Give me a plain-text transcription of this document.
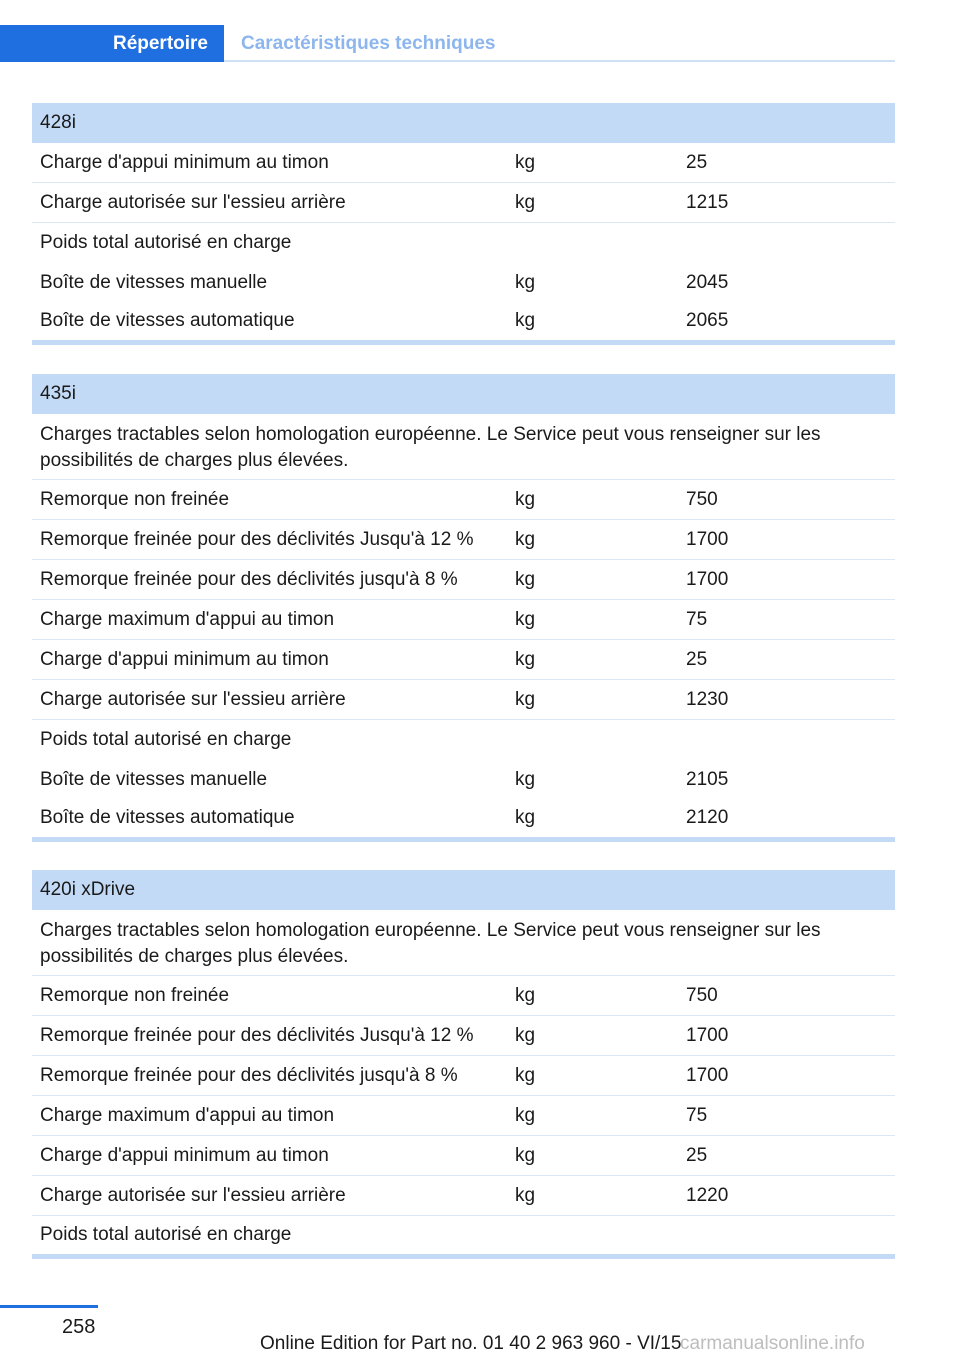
Répertoire	Caractéristiques techniques
428i
Charge d'appui minimum au timon	kg	25
Charge autorisée sur l'essieu arrière	kg	1215
Poids total autorisé en charge
Boîte de vitesses manuelle	kg	2045
Boîte de vitesses automatique	kg	2065
435i
Charges tractables selon homologation européenne. Le Service peut vous renseigner sur les possibilités de charges plus élevées.
Remorque non freinée	kg	750
Remorque freinée pour des déclivités Jusqu'à 12 %	kg	1700
Remorque freinée pour des déclivités jusqu'à 8 %	kg	1700
Charge maximum d'appui au timon	kg	75
Charge d'appui minimum au timon	kg	25
Charge autorisée sur l'essieu arrière	kg	1230
Poids total autorisé en charge
Boîte de vitesses manuelle	kg	2105
Boîte de vitesses automatique	kg	2120
420i xDrive
Charges tractables selon homologation européenne. Le Service peut vous renseigner sur les possibilités de charges plus élevées.
Remorque non freinée	kg	750
Remorque freinée pour des déclivités Jusqu'à 12 %	kg	1700
Remorque freinée pour des déclivités jusqu'à 8 %	kg	1700
Charge maximum d'appui au timon	kg	75
Charge d'appui minimum au timon	kg	25
Charge autorisée sur l'essieu arrière	kg	1220
Poids total autorisé en charge
258
Online Edition for Part no. 01 40 2 963 960 - VI/15
carmanualsonline.info
